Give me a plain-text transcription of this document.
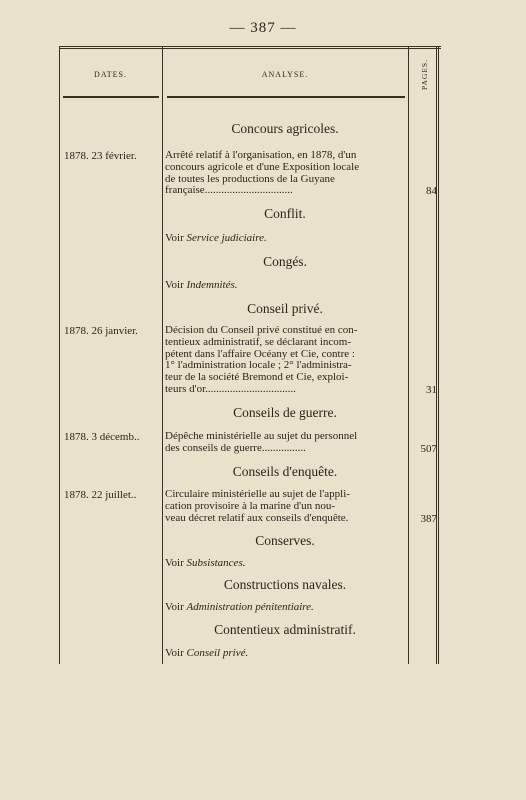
— 387 —
DATES.	ANALYSE.	PAGES.
Concours agricoles.
1878. 23 février.	Arrêté relatif à l'organisation, en 1878, d'un
concours agricole et d'une Exposition locale
de toutes les productions de la Guyane
française................................	84
Conflit.
Voir Service judiciaire.
Congés.
Voir Indemnités.
Conseil privé.
1878. 26 janvier.	Décision du Conseil privé constitué en con-
tentieux administratif, se déclarant incom-
pétent dans l'affaire Océany et Cie, contre :
1° l'administration locale ; 2° l'administra-
teur de la société Bremond et Cie, exploi-
teurs d'or.................................	31
Conseils de guerre.
1878. 3 décemb..	Dépêche ministérielle au sujet du personnel
des conseils de guerre................	507
Conseils d'enquête.
1878. 22 juillet..	Circulaire ministérielle au sujet de l'appli-
cation provisoire à la marine d'un nou-
veau décret relatif aux conseils d'enquête.	387
Conserves.
Voir Subsistances.
Constructions navales.
Voir Administration pénitentiaire.
Contentieux administratif.
Voir Conseil privé.
